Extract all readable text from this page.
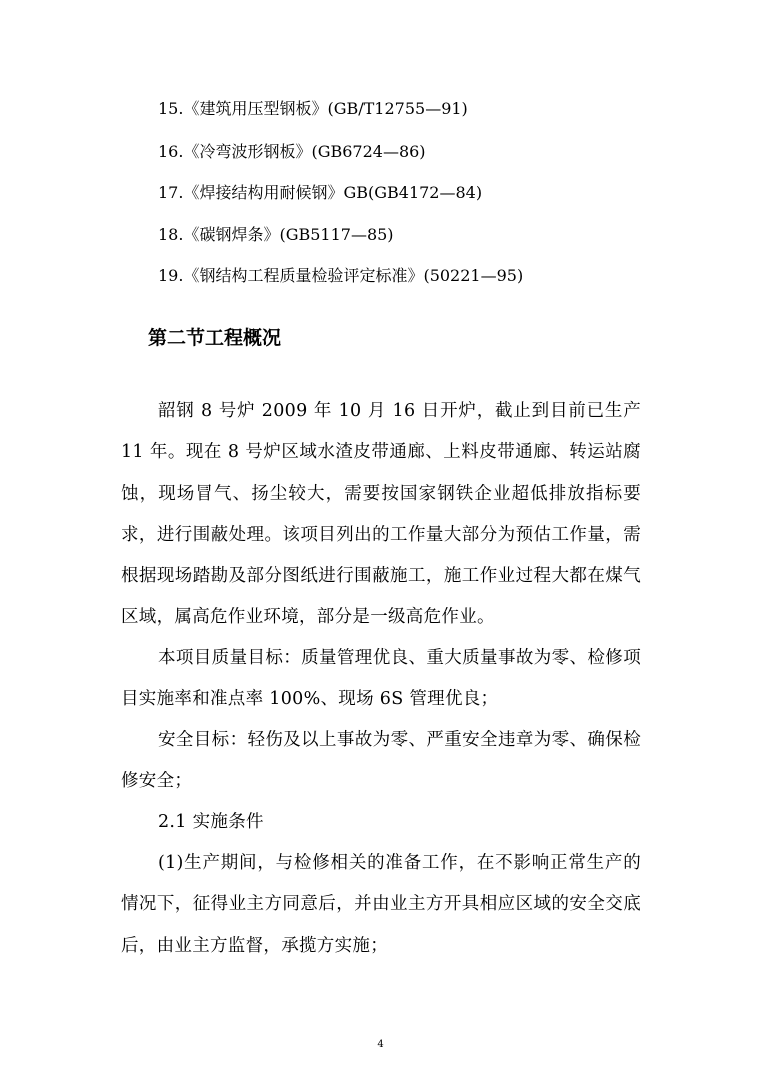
15.《建筑用压型钢板》(GB/T12755—91)
16.《冷弯波形钢板》(GB6724—86)
17.《焊接结构用耐候钢》GB(GB4172—84)
18.《碳钢焊条》(GB5117—85)
19.《钢结构工程质量检验评定标准》(50221—95)
第二节工程概况

韶钢 8 号炉 2009 年 10 月 16 日开炉，截止到目前已生产 11 年。现在 8 号炉区域水渣皮带通廊、上料皮带通廊、转运站腐蚀，现场冒气、扬尘较大，需要按国家钢铁企业超低排放指标要求，进行围蔽处理。该项目列出的工作量大部分为预估工作量，需根据现场踏勘及部分图纸进行围蔽施工，施工作业过程大都在煤气区域，属高危作业环境，部分是一级高危作业。

本项目质量目标：质量管理优良、重大质量事故为零、检修项目实施率和准点率 100%、现场 6S 管理优良；

安全目标：轻伤及以上事故为零、严重安全违章为零、确保检修安全；

2.1 实施条件

(1)生产期间，与检修相关的准备工作，在不影响正常生产的情况下，征得业主方同意后，并由业主方开具相应区域的安全交底后，由业主方监督，承揽方实施；

4
